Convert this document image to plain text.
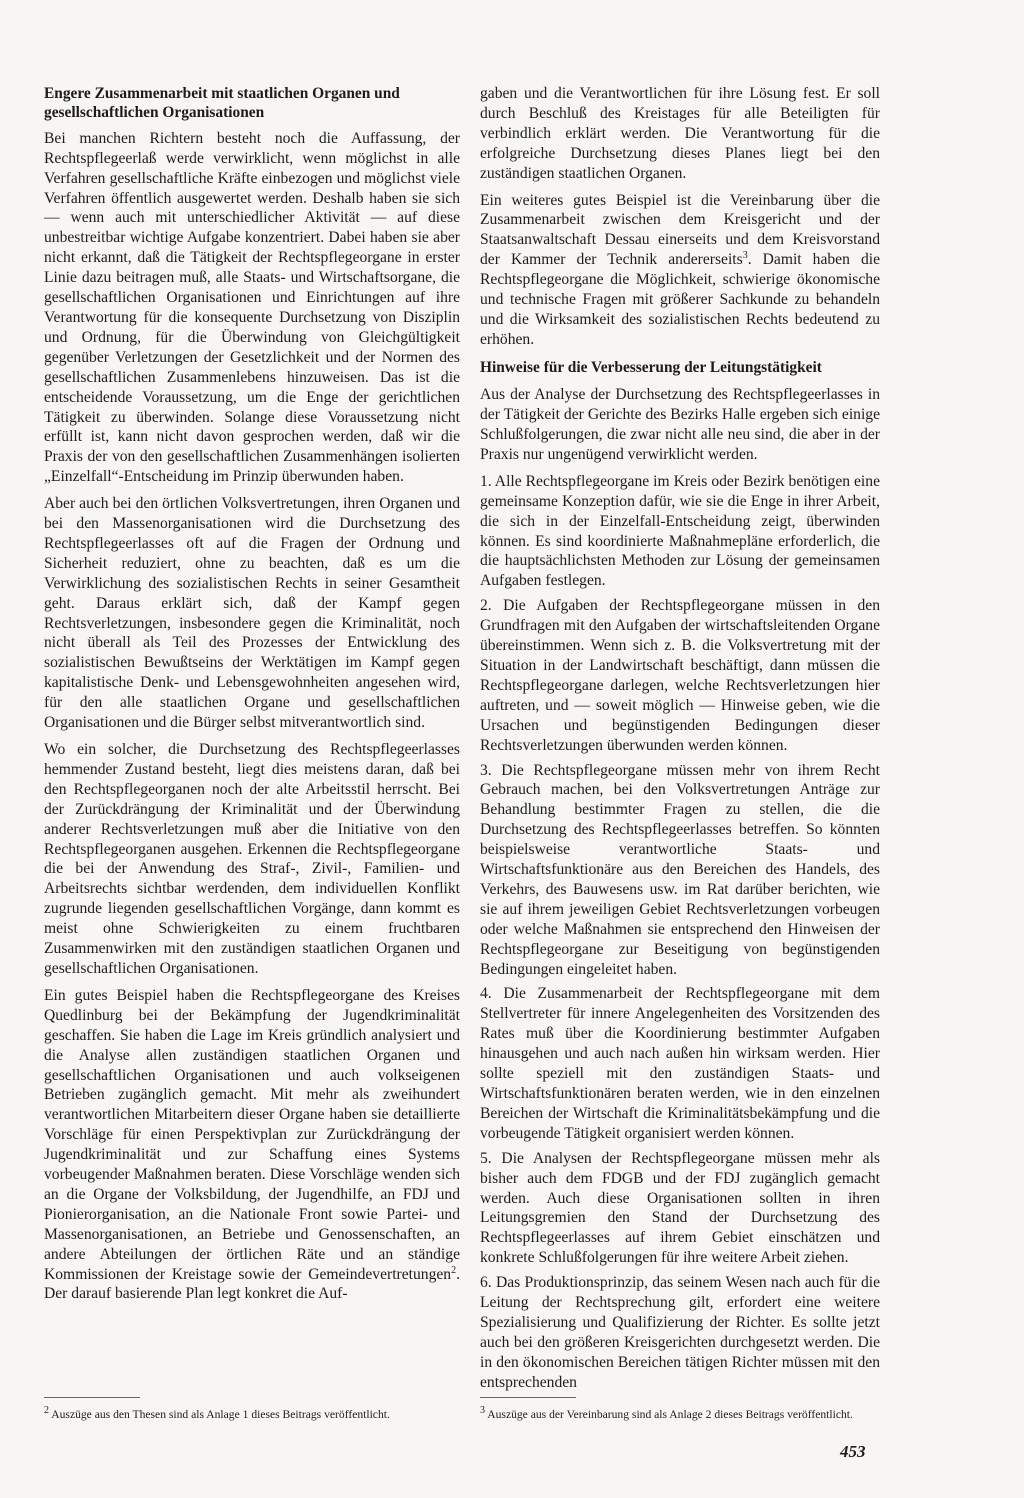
Engere Zusammenarbeit mit staatlichen Organen und gesellschaftlichen Organisationen

Bei manchen Richtern besteht noch die Auffassung, der Rechtspflegeerlaß werde verwirklicht, wenn möglichst in alle Verfahren gesellschaftliche Kräfte einbezogen und möglichst viele Verfahren öffentlich ausgewertet werden. Deshalb haben sie sich — wenn auch mit unterschiedlicher Aktivität — auf diese unbestreitbar wichtige Aufgabe konzentriert. Dabei haben sie aber nicht erkannt, daß die Tätigkeit der Rechtspflegeorgane in erster Linie dazu beitragen muß, alle Staats- und Wirtschaftsorgane, die gesellschaftlichen Organisationen und Einrichtungen auf ihre Verantwortung für die konsequente Durchsetzung von Disziplin und Ordnung, für die Überwindung von Gleichgültigkeit gegenüber Verletzungen der Gesetzlichkeit und der Normen des gesellschaftlichen Zusammenlebens hinzuweisen. Das ist die entscheidende Voraussetzung, um die Enge der gerichtlichen Tätigkeit zu überwinden. Solange diese Voraussetzung nicht erfüllt ist, kann nicht davon gesprochen werden, daß wir die Praxis der von den gesellschaftlichen Zusammenhängen isolierten „Einzelfall“-Entscheidung im Prinzip überwunden haben.

Aber auch bei den örtlichen Volksvertretungen, ihren Organen und bei den Massenorganisationen wird die Durchsetzung des Rechtspflegeerlasses oft auf die Fragen der Ordnung und Sicherheit reduziert, ohne zu beachten, daß es um die Verwirklichung des sozialistischen Rechts in seiner Gesamtheit geht. Daraus erklärt sich, daß der Kampf gegen Rechtsverletzungen, insbesondere gegen die Kriminalität, noch nicht überall als Teil des Prozesses der Entwicklung des sozialistischen Bewußtseins der Werktätigen im Kampf gegen kapitalistische Denk- und Lebensgewohnheiten angesehen wird, für den alle staatlichen Organe und gesellschaftlichen Organisationen und die Bürger selbst mitverantwortlich sind.

Wo ein solcher, die Durchsetzung des Rechtspflegeerlasses hemmender Zustand besteht, liegt dies meistens daran, daß bei den Rechtspflegeorganen noch der alte Arbeitsstil herrscht. Bei der Zurückdrängung der Kriminalität und der Überwindung anderer Rechtsverletzungen muß aber die Initiative von den Rechtspflegeorganen ausgehen. Erkennen die Rechtspflegeorgane die bei der Anwendung des Straf-, Zivil-, Familien- und Arbeitsrechts sichtbar werdenden, dem individuellen Konflikt zugrunde liegenden gesellschaftlichen Vorgänge, dann kommt es meist ohne Schwierigkeiten zu einem fruchtbaren Zusammenwirken mit den zuständigen staatlichen Organen und gesellschaftlichen Organisationen.

Ein gutes Beispiel haben die Rechtspflegeorgane des Kreises Quedlinburg bei der Bekämpfung der Jugendkriminalität geschaffen. Sie haben die Lage im Kreis gründlich analysiert und die Analyse allen zuständigen staatlichen Organen und gesellschaftlichen Organisationen und auch volkseigenen Betrieben zugänglich gemacht. Mit mehr als zweihundert verantwortlichen Mitarbeitern dieser Organe haben sie detaillierte Vorschläge für einen Perspektivplan zur Zurückdrängung der Jugendkriminalität und zur Schaffung eines Systems vorbeugender Maßnahmen beraten. Diese Vorschläge wenden sich an die Organe der Volksbildung, der Jugendhilfe, an FDJ und Pionierorganisation, an die Nationale Front sowie Partei- und Massenorganisationen, an Betriebe und Genossenschaften, an andere Abteilungen der örtlichen Räte und an ständige Kommissionen der Kreistage sowie der Gemeindevertretungen$^2$. Der darauf basierende Plan legt konkret die Auf-

gaben und die Verantwortlichen für ihre Lösung fest. Er soll durch Beschluß des Kreistages für alle Beteiligten für verbindlich erklärt werden. Die Verantwortung für die erfolgreiche Durchsetzung dieses Planes liegt bei den zuständigen staatlichen Organen.

Ein weiteres gutes Beispiel ist die Vereinbarung über die Zusammenarbeit zwischen dem Kreisgericht und der Staatsanwaltschaft Dessau einerseits und dem Kreisvorstand der Kammer der Technik andererseits$^3$. Damit haben die Rechtspflegeorgane die Möglichkeit, schwierige ökonomische und technische Fragen mit größerer Sachkunde zu behandeln und die Wirksamkeit des sozialistischen Rechts bedeutend zu erhöhen.

Hinweise für die Verbesserung der Leitungstätigkeit

Aus der Analyse der Durchsetzung des Rechtspflegeerlasses in der Tätigkeit der Gerichte des Bezirks Halle ergeben sich einige Schlußfolgerungen, die zwar nicht alle neu sind, die aber in der Praxis nur ungenügend verwirklicht werden.

1. Alle Rechtspflegeorgane im Kreis oder Bezirk benötigen eine gemeinsame Konzeption dafür, wie sie die Enge in ihrer Arbeit, die sich in der Einzelfall-Entscheidung zeigt, überwinden können. Es sind koordinierte Maßnahmepläne erforderlich, die die hauptsächlichsten Methoden zur Lösung der gemeinsamen Aufgaben festlegen.

2. Die Aufgaben der Rechtspflegeorgane müssen in den Grundfragen mit den Aufgaben der wirtschaftsleitenden Organe übereinstimmen. Wenn sich z. B. die Volksvertretung mit der Situation in der Landwirtschaft beschäftigt, dann müssen die Rechtspflegeorgane darlegen, welche Rechtsverletzungen hier auftreten, und — soweit möglich — Hinweise geben, wie die Ursachen und begünstigenden Bedingungen dieser Rechtsverletzungen überwunden werden können.

3. Die Rechtspflegeorgane müssen mehr von ihrem Recht Gebrauch machen, bei den Volksvertretungen Anträge zur Behandlung bestimmter Fragen zu stellen, die die Durchsetzung des Rechtspflegeerlasses betreffen. So könnten beispielsweise verantwortliche Staats- und Wirtschaftsfunktionäre aus den Bereichen des Handels, des Verkehrs, des Bauwesens usw. im Rat darüber berichten, wie sie auf ihrem jeweiligen Gebiet Rechtsverletzungen vorbeugen oder welche Maßnahmen sie entsprechend den Hinweisen der Rechtspflegeorgane zur Beseitigung von begünstigenden Bedingungen eingeleitet haben.

4. Die Zusammenarbeit der Rechtspflegeorgane mit dem Stellvertreter für innere Angelegenheiten des Vorsitzenden des Rates muß über die Koordinierung bestimmter Aufgaben hinausgehen und auch nach außen hin wirksam werden. Hier sollte speziell mit den zuständigen Staats- und Wirtschaftsfunktionären beraten werden, wie in den einzelnen Bereichen der Wirtschaft die Kriminalitätsbekämpfung und die vorbeugende Tätigkeit organisiert werden können.

5. Die Analysen der Rechtspflegeorgane müssen mehr als bisher auch dem FDGB und der FDJ zugänglich gemacht werden. Auch diese Organisationen sollten in ihren Leitungsgremien den Stand der Durchsetzung des Rechtspflegeerlasses auf ihrem Gebiet einschätzen und konkrete Schlußfolgerungen für ihre weitere Arbeit ziehen.

6. Das Produktionsprinzip, das seinem Wesen nach auch für die Leitung der Rechtsprechung gilt, erfordert eine weitere Spezialisierung und Qualifizierung der Richter. Es sollte jetzt auch bei den größeren Kreisgerichten durchgesetzt werden. Die in den ökonomischen Bereichen tätigen Richter müssen mit den entsprechenden

$^2$ Auszüge aus den Thesen sind als Anlage 1 dieses Beitrags veröffentlicht.	$^3$ Auszüge aus der Vereinbarung sind als Anlage 2 dieses Beitrags veröffentlicht.
453
